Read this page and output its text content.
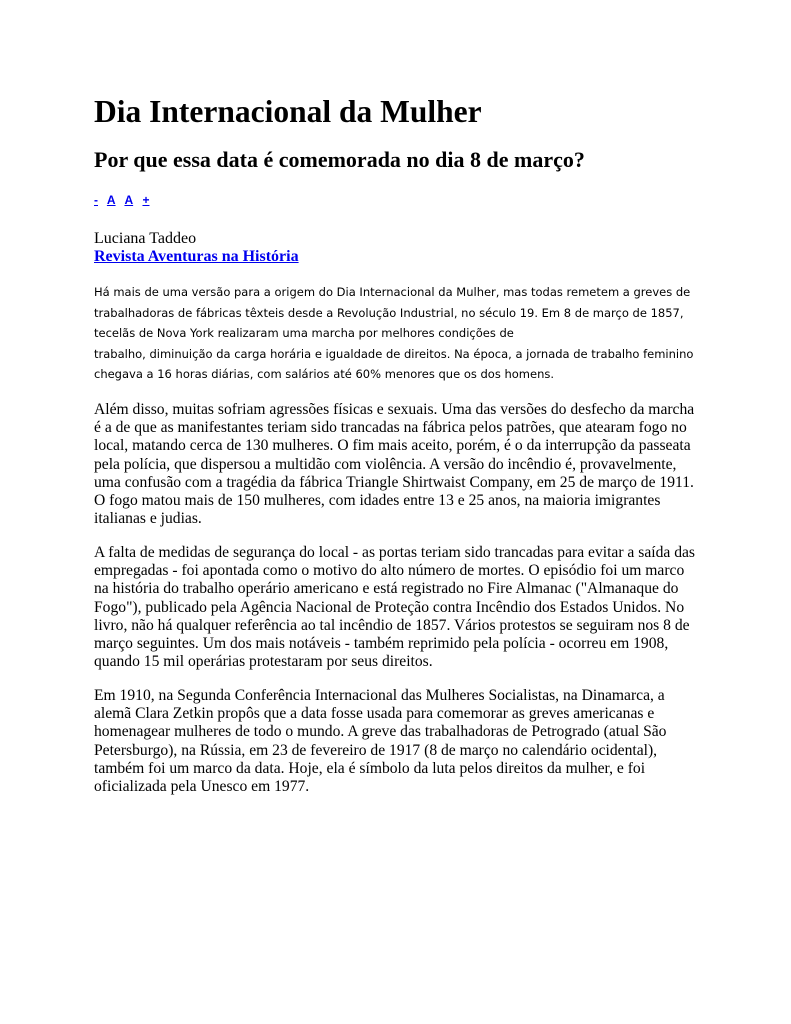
Dia Internacional da Mulher
Por que essa data é comemorada no dia 8 de março?
- A A +
Luciana Taddeo
Revista Aventuras na História

Há mais de uma versão para a origem do Dia Internacional da Mulher, mas todas remetem a greves de
trabalhadoras de fábricas têxteis desde a Revolução Industrial, no século 19. Em 8 de março de 1857,
tecelãs de Nova York realizaram uma marcha por melhores condições de
trabalho, diminuição da carga horária e igualdade de direitos. Na época, a jornada de trabalho feminino
chegava a 16 horas diárias, com salários até 60% menores que os dos homens.

Além disso, muitas sofriam agressões físicas e sexuais. Uma das versões do desfecho da marcha
é a de que as manifestantes teriam sido trancadas na fábrica pelos patrões, que atearam fogo no
local, matando cerca de 130 mulheres. O fim mais aceito, porém, é o da interrupção da passeata
pela polícia, que dispersou a multidão com violência. A versão do incêndio é, provavelmente,
uma confusão com a tragédia da fábrica Triangle Shirtwaist Company, em 25 de março de 1911.
O fogo matou mais de 150 mulheres, com idades entre 13 e 25 anos, na maioria imigrantes
italianas e judias.

A falta de medidas de segurança do local - as portas teriam sido trancadas para evitar a saída das
empregadas - foi apontada como o motivo do alto número de mortes. O episódio foi um marco
na história do trabalho operário americano e está registrado no Fire Almanac ("Almanaque do
Fogo"), publicado pela Agência Nacional de Proteção contra Incêndio dos Estados Unidos. No
livro, não há qualquer referência ao tal incêndio de 1857. Vários protestos se seguiram nos 8 de
março seguintes. Um dos mais notáveis - também reprimido pela polícia - ocorreu em 1908,
quando 15 mil operárias protestaram por seus direitos.

Em 1910, na Segunda Conferência Internacional das Mulheres Socialistas, na Dinamarca, a
alemã Clara Zetkin propôs que a data fosse usada para comemorar as greves americanas e
homenagear mulheres de todo o mundo. A greve das trabalhadoras de Petrogrado (atual São
Petersburgo), na Rússia, em 23 de fevereiro de 1917 (8 de março no calendário ocidental),
também foi um marco da data. Hoje, ela é símbolo da luta pelos direitos da mulher, e foi
oficializada pela Unesco em 1977.
